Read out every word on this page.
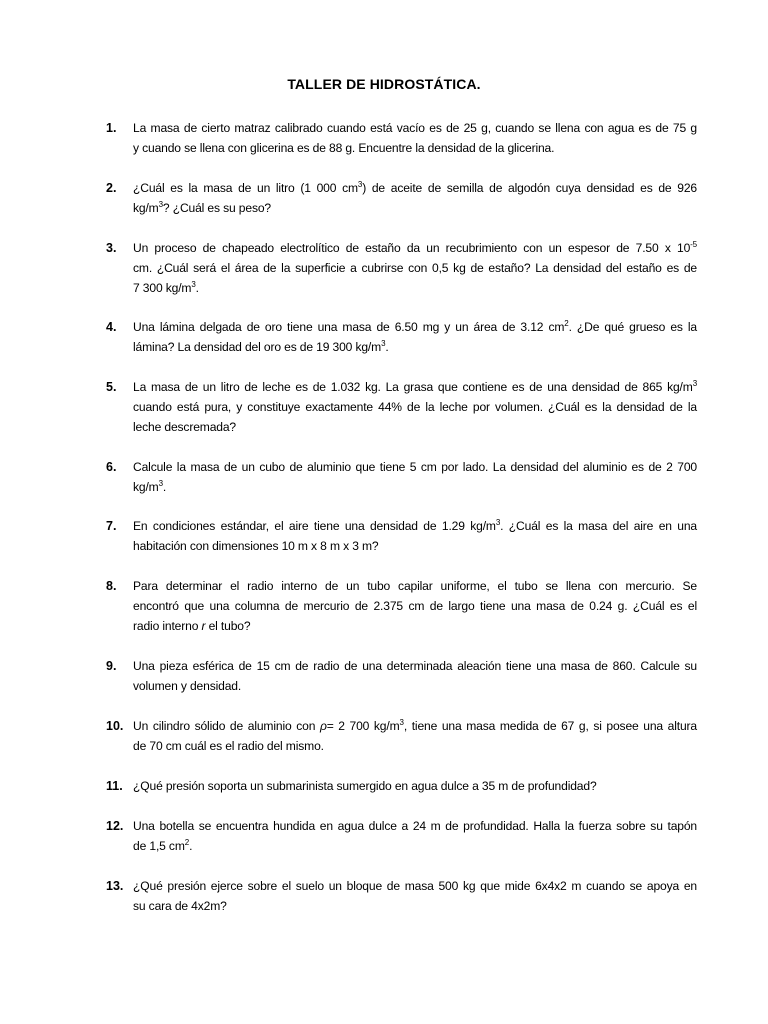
TALLER DE HIDROSTÁTICA.
1.	La masa de cierto matraz calibrado cuando está vacío es de 25 g, cuando se llena con agua es de 75 g
y cuando se llena con glicerina es de 88 g. Encuentre la densidad de la glicerina.
2.	¿Cuál es la masa de un litro (1 000 $cm^3$) de aceite de semilla de algodón cuya densidad es de 926
$kg/m^3$? ¿Cuál es su peso?
3.	Un proceso de chapeado electrolítico de estaño da un recubrimiento con un espesor de 7.50 x $10^{-5}$
cm. ¿Cuál será el área de la superficie a cubrirse con 0,5 kg de estaño? La densidad del estaño es de
7 300 $kg/m^3$.
4.	Una lámina delgada de oro tiene una masa de 6.50 mg y un área de 3.12 $cm^2$. ¿De qué grueso es la
lámina? La densidad del oro es de 19 300 $kg/m^3$.
5.	La masa de un litro de leche es de 1.032 kg. La grasa que contiene es de una densidad de 865 $kg/m^3$
cuando está pura, y constituye exactamente 44% de la leche por volumen. ¿Cuál es la densidad de la
leche descremada?
6.	Calcule la masa de un cubo de aluminio que tiene 5 cm por lado. La densidad del aluminio es de 2 700
$kg/m^3$.
7.	En condiciones estándar, el aire tiene una densidad de 1.29 $kg/m^3$. ¿Cuál es la masa del aire en una
habitación con dimensiones 10 m x 8 m x 3 m?
8.	Para determinar el radio interno de un tubo capilar uniforme, el tubo se llena con mercurio. Se
encontró que una columna de mercurio de 2.375 cm de largo tiene una masa de 0.24 g. ¿Cuál es el
radio interno r el tubo?
9.	Una pieza esférica de 15 cm de radio de una determinada aleación tiene una masa de 860. Calcule su
volumen y densidad.
10. Un cilindro sólido de aluminio con ρ= 2 700 $kg/m^3$, tiene una masa medida de 67 g, si posee una altura
de 70 cm cuál es el radio del mismo.
11. ¿Qué presión soporta un submarinista sumergido en agua dulce a 35 m de profundidad?
12. Una botella se encuentra hundida en agua dulce a 24 m de profundidad. Halla la fuerza sobre su tapón
de 1,5 $cm^2$.
13. ¿Qué presión ejerce sobre el suelo un bloque de masa 500 kg que mide 6x4x2 m cuando se apoya en
su cara de 4x2m?
